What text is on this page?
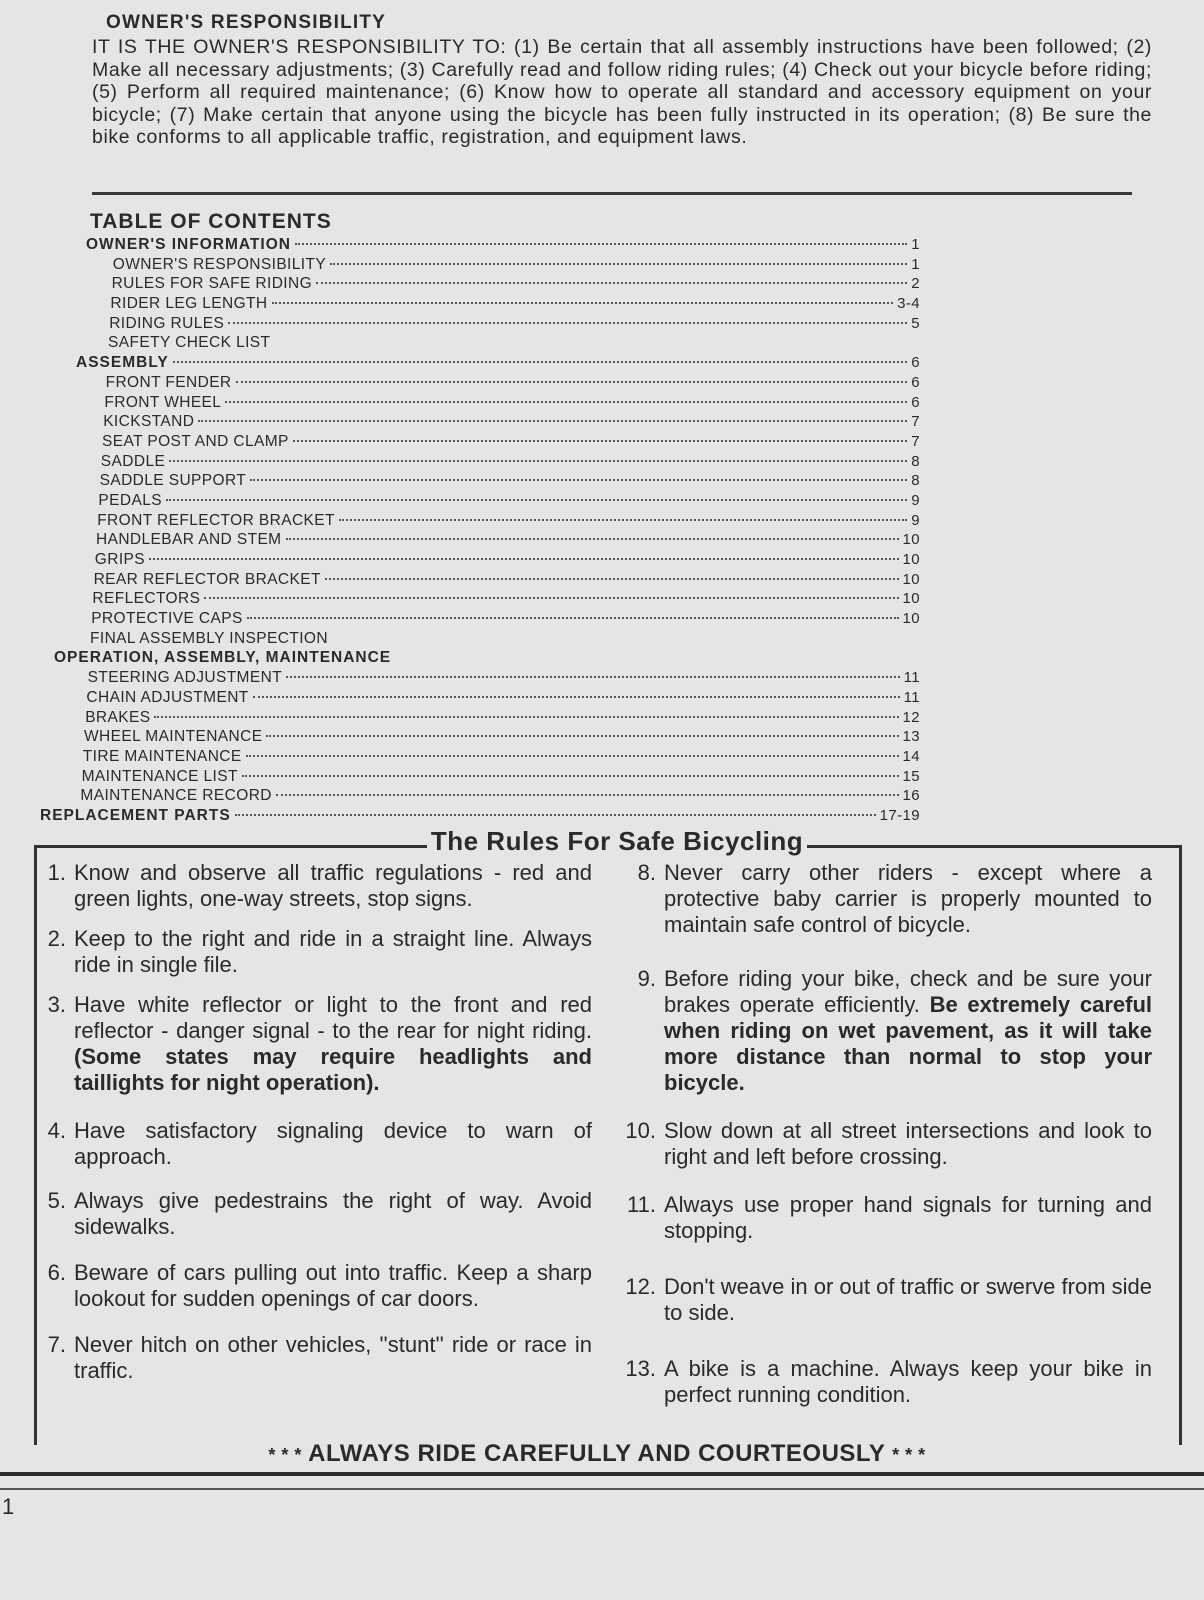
OWNER'S RESPONSIBILITY

IT IS THE OWNER'S RESPONSIBILITY TO: (1) Be certain that all assembly instructions have been followed; (2) Make all necessary adjustments; (3) Carefully read and follow riding rules; (4) Check out your bicycle before riding; (5) Perform all required maintenance; (6) Know how to operate all standard and accessory equipment on your bicycle; (7) Make certain that anyone using the bicycle has been fully instructed in its operation; (8) Be sure the bike conforms to all applicable traffic, registration, and equipment laws.

TABLE OF CONTENTS
OWNER'S INFORMATION	1
OWNER'S RESPONSIBILITY	1
RULES FOR SAFE RIDING	2
RIDER LEG LENGTH	3-4
RIDING RULES	5
SAFETY CHECK LIST
ASSEMBLY	6
FRONT FENDER	6
FRONT WHEEL	6
KICKSTAND	7
SEAT POST AND CLAMP	7
SADDLE	8
SADDLE SUPPORT	8
PEDALS	9
FRONT REFLECTOR BRACKET	9
HANDLEBAR AND STEM	10
GRIPS	10
REAR REFLECTOR BRACKET	10
REFLECTORS	10
PROTECTIVE CAPS	10
FINAL ASSEMBLY INSPECTION
OPERATION, ASSEMBLY, MAINTENANCE
STEERING ADJUSTMENT	11
CHAIN ADJUSTMENT	11
BRAKES	12
WHEEL MAINTENANCE	13
TIRE MAINTENANCE	14
MAINTENANCE LIST	15
MAINTENANCE RECORD	16
REPLACEMENT PARTS	17-19
The Rules For Safe Bicycling
1. Know and observe all traffic regulations - red and green lights, one-way streets, stop signs.
2. Keep to the right and ride in a straight line. Always ride in single file.
3. Have white reflector or light to the front and red reflector - danger signal - to the rear for night riding. (Some states may require headlights and taillights for night operation).
4. Have satisfactory signaling device to warn of approach.
5. Always give pedestrains the right of way. Avoid sidewalks.
6. Beware of cars pulling out into traffic. Keep a sharp lookout for sudden openings of car doors.
7. Never hitch on other vehicles, ''stunt'' ride or race in traffic.
8. Never carry other riders - except where a protective baby carrier is properly mounted to maintain safe control of bicycle.
9. Before riding your bike, check and be sure your brakes operate efficiently. Be extremely careful when riding on wet pavement, as it will take more distance than normal to stop your bicycle.
10. Slow down at all street intersections and look to right and left before crossing.
11. Always use proper hand signals for turning and stopping.
12. Don't weave in or out of traffic or swerve from side to side.
13. A bike is a machine. Always keep your bike in perfect running condition.
* * * ALWAYS RIDE CAREFULLY AND COURTEOUSLY * * *
1
